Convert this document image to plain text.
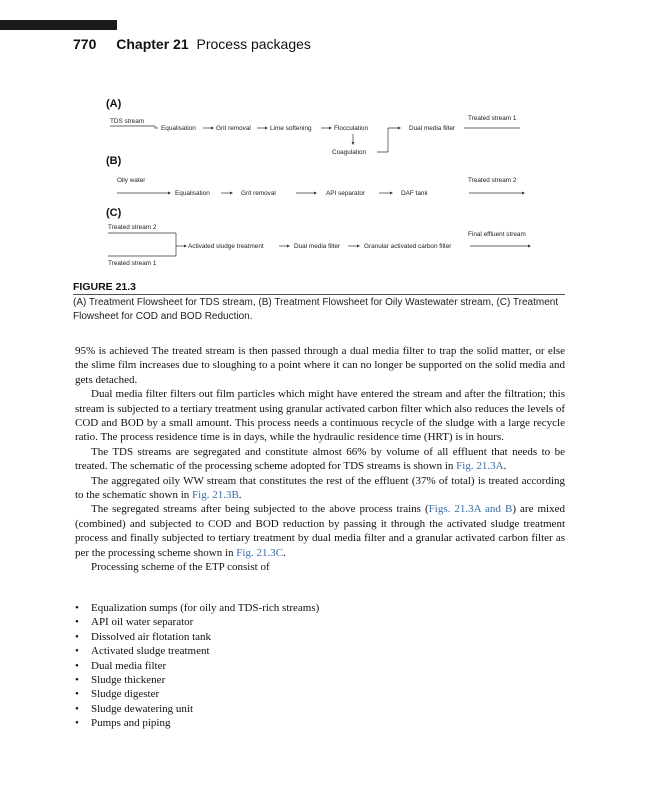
770 Chapter 21 Process packages
(A)
TDS stream
Equalisation	Grit removal	Lime softening	Flocculation
Coagulation
Dual media filter
Treated stream 1
(B)
Oily water
Equalisation	Grit removal	API separator	DAF tank
Treated stream 2
(C)
Treated stream 2
Treated stream 1
Activated sludge treatment	Dual media filter	Granular activated carbon filter
Final effluent stream
FIGURE 21.3
(A) Treatment Flowsheet for TDS stream, (B) Treatment Flowsheet for Oily Wastewater stream, (C) Treatment Flowsheet for COD and BOD Reduction.

95% is achieved The treated stream is then passed through a dual media filter to trap the solid matter, or else the slime film increases due to sloughing to a point where it can no longer be supported on the solid media and gets detached.

Dual media filter filters out film particles which might have entered the stream and after the filtration; this stream is subjected to a tertiary treatment using granular activated carbon filter which also reduces the levels of COD and BOD by a small amount. This process needs a continuous recycle of the sludge with a large recycle ratio. The process residence time is in days, while the hydraulic residence time (HRT) is in hours.

The TDS streams are segregated and constitute almost 66% by volume of all effluent that needs to be treated. The schematic of the processing scheme adopted for TDS streams is shown in Fig. 21.3A.

The aggregated oily WW stream that constitutes the rest of the effluent (37% of total) is treated according to the schematic shown in Fig. 21.3B.

The segregated streams after being subjected to the above process trains (Figs. 21.3A and B) are mixed (combined) and subjected to COD and BOD reduction by passing it through the activated sludge treatment process and finally subjected to tertiary treatment by dual media filter and a granular activated carbon filter as per the processing scheme shown in Fig. 21.3C.

Processing scheme of the ETP consist of

• Equalization sumps (for oily and TDS-rich streams)
• API oil water separator
• Dissolved air flotation tank
• Activated sludge treatment
• Dual media filter
• Sludge thickener
• Sludge digester
• Sludge dewatering unit
• Pumps and piping
